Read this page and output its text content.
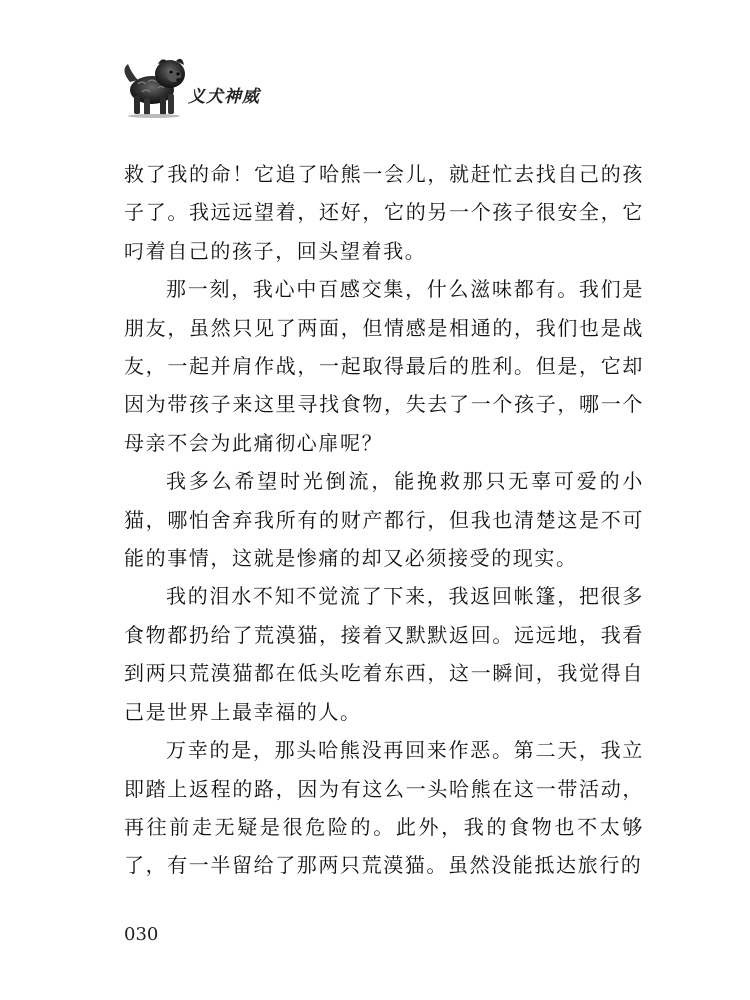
义犬神威

救了我的命！它追了哈熊一会儿，就赶忙去找自己的孩子了。我远远望着，还好，它的另一个孩子很安全，它叼着自己的孩子，回头望着我。

那一刻，我心中百感交集，什么滋味都有。我们是朋友，虽然只见了两面，但情感是相通的，我们也是战友，一起并肩作战，一起取得最后的胜利。但是，它却因为带孩子来这里寻找食物，失去了一个孩子，哪一个母亲不会为此痛彻心扉呢？

我多么希望时光倒流，能挽救那只无辜可爱的小猫，哪怕舍弃我所有的财产都行，但我也清楚这是不可能的事情，这就是惨痛的却又必须接受的现实。

我的泪水不知不觉流了下来，我返回帐篷，把很多食物都扔给了荒漠猫，接着又默默返回。远远地，我看到两只荒漠猫都在低头吃着东西，这一瞬间，我觉得自己是世界上最幸福的人。

万幸的是，那头哈熊没再回来作恶。第二天，我立即踏上返程的路，因为有这么一头哈熊在这一带活动，再往前走无疑是很危险的。此外，我的食物也不太够了，有一半留给了那两只荒漠猫。虽然没能抵达旅行的

030
